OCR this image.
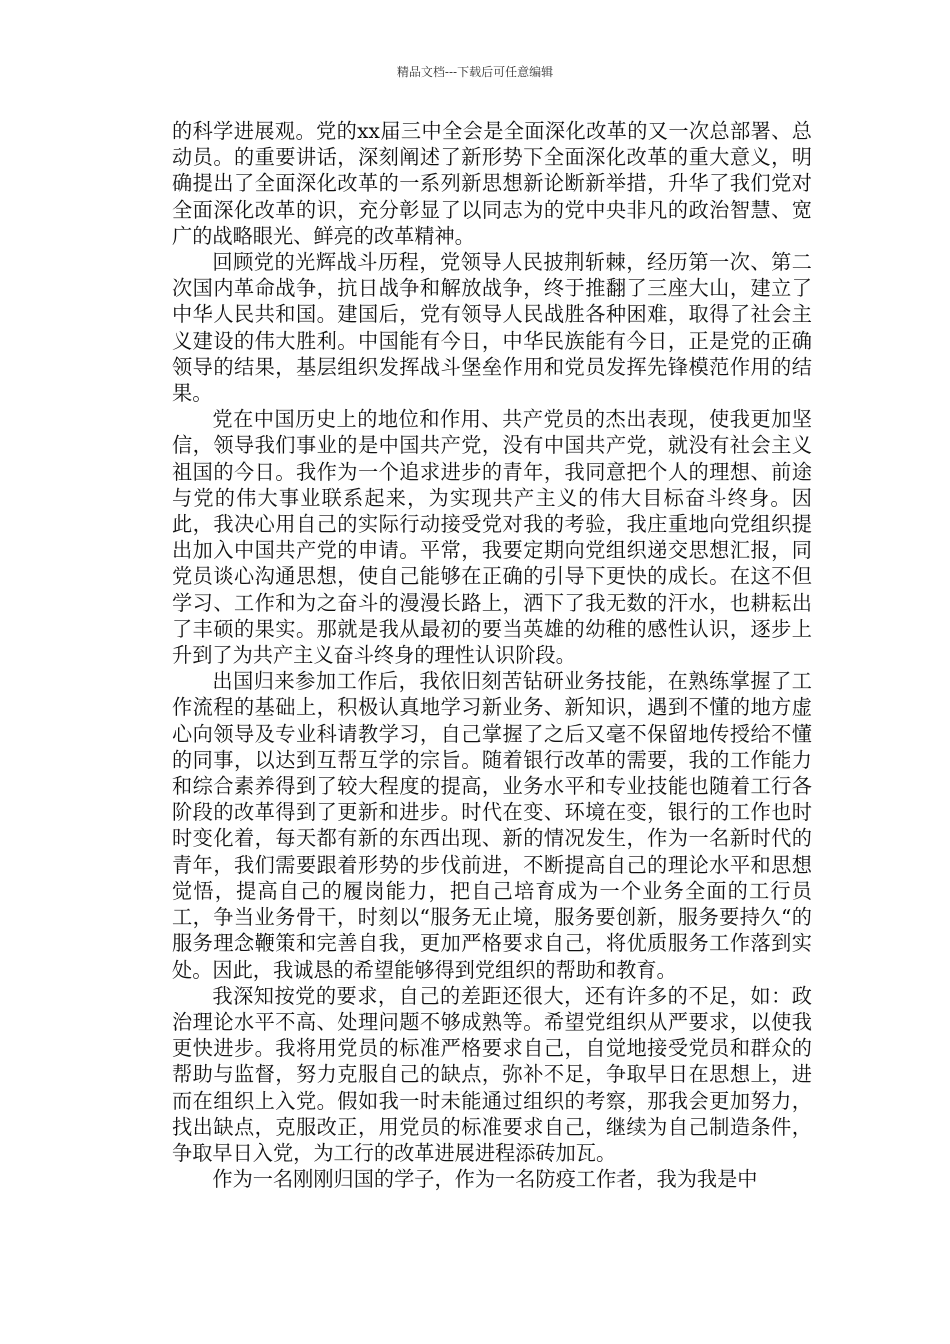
精品文档---下载后可任意编辑

的科学进展观。党的xx届三中全会是全面深化改革的又一次总部署、总动员。的重要讲话，深刻阐述了新形势下全面深化改革的重大意义，明确提出了全面深化改革的一系列新思想新论断新举措，升华了我们党对全面深化改革的识，充分彰显了以同志为的党中央非凡的政治智慧、宽广的战略眼光、鲜亮的改革精神。

回顾党的光辉战斗历程，党领导人民披荆斩棘，经历第一次、第二次国内革命战争，抗日战争和解放战争，终于推翻了三座大山，建立了中华人民共和国。建国后，党有领导人民战胜各种困难，取得了社会主义建设的伟大胜利。中国能有今日，中华民族能有今日，正是党的正确领导的结果，基层组织发挥战斗堡垒作用和党员发挥先锋模范作用的结果。

党在中国历史上的地位和作用、共产党员的杰出表现，使我更加坚信，领导我们事业的是中国共产党，没有中国共产党，就没有社会主义祖国的今日。我作为一个追求进步的青年，我同意把个人的理想、前途与党的伟大事业联系起来，为实现共产主义的伟大目标奋斗终身。因此，我决心用自己的实际行动接受党对我的考验，我庄重地向党组织提出加入中国共产党的申请。平常，我要定期向党组织递交思想汇报，同党员谈心沟通思想，使自己能够在正确的引导下更快的成长。在这不但学习、工作和为之奋斗的漫漫长路上，洒下了我无数的汗水，也耕耘出了丰硕的果实。那就是我从最初的要当英雄的幼稚的感性认识，逐步上升到了为共产主义奋斗终身的理性认识阶段。

出国归来参加工作后，我依旧刻苦钻研业务技能，在熟练掌握了工作流程的基础上，积极认真地学习新业务、新知识，遇到不懂的地方虚心向领导及专业科请教学习，自己掌握了之后又毫不保留地传授给不懂的同事，以达到互帮互学的宗旨。随着银行改革的需要，我的工作能力和综合素养得到了较大程度的提高，业务水平和专业技能也随着工行各阶段的改革得到了更新和进步。时代在变、环境在变，银行的工作也时时变化着，每天都有新的东西出现、新的情况发生，作为一名新时代的青年，我们需要跟着形势的步伐前进，不断提高自己的理论水平和思想觉悟，提高自己的履岗能力，把自己培育成为一个业务全面的工行员工，争当业务骨干，时刻以“服务无止境，服务要创新，服务要持久“的服务理念鞭策和完善自我，更加严格要求自己，将优质服务工作落到实处。因此，我诚恳的希望能够得到党组织的帮助和教育。

我深知按党的要求，自己的差距还很大，还有许多的不足，如：政治理论水平不高、处理问题不够成熟等。希望党组织从严要求，以使我更快进步。我将用党员的标准严格要求自己，自觉地接受党员和群众的帮助与监督，努力克服自己的缺点，弥补不足，争取早日在思想上，进而在组织上入党。假如我一时未能通过组织的考察，那我会更加努力，找出缺点，克服改正，用党员的标准要求自己，继续为自己制造条件，争取早日入党，为工行的改革进展进程添砖加瓦。

作为一名刚刚归国的学子，作为一名防疫工作者，我为我是中
